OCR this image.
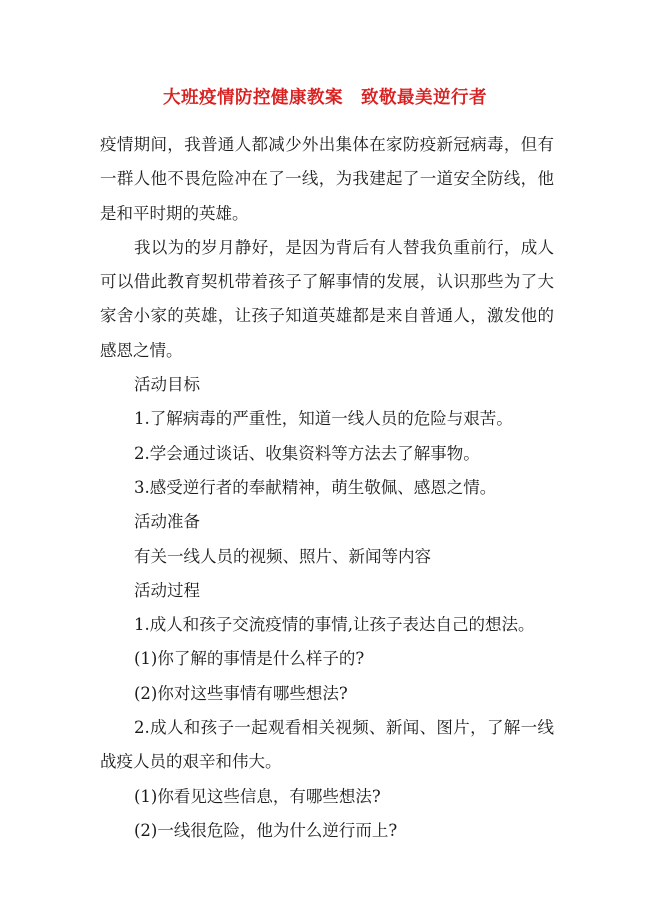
大班疫情防控健康教案　致敬最美逆行者

疫情期间，我普通人都减少外出集体在家防疫新冠病毒，但有一群人他不畏危险冲在了一线，为我建起了一道安全防线，他是和平时期的英雄。

我以为的岁月静好，是因为背后有人替我负重前行，成人可以借此教育契机带着孩子了解事情的发展，认识那些为了大家舍小家的英雄，让孩子知道英雄都是来自普通人，激发他的感恩之情。

活动目标

1.了解病毒的严重性，知道一线人员的危险与艰苦。

2.学会通过谈话、收集资料等方法去了解事物。

3.感受逆行者的奉献精神，萌生敬佩、感恩之情。

活动准备

有关一线人员的视频、照片、新闻等内容

活动过程

1.成人和孩子交流疫情的事情,让孩子表达自己的想法。

(1)你了解的事情是什么样子的?

(2)你对这些事情有哪些想法?

2.成人和孩子一起观看相关视频、新闻、图片，了解一线战疫人员的艰辛和伟大。

(1)你看见这些信息，有哪些想法?

(2)一线很危险，他为什么逆行而上?
